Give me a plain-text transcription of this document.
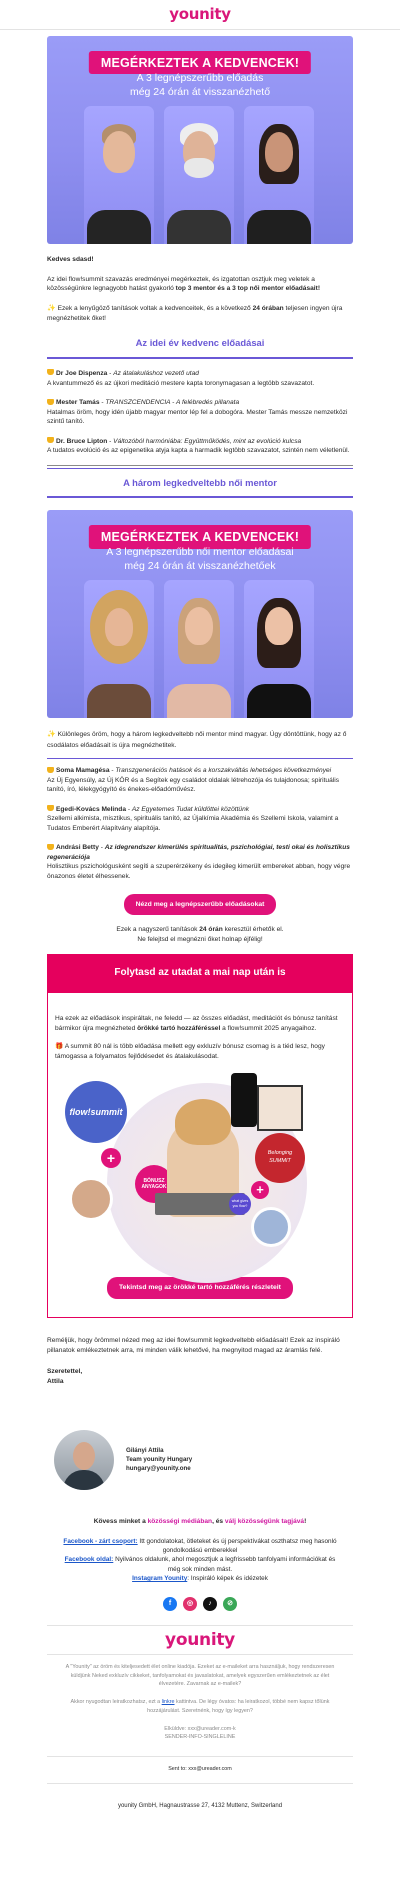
younity
MEGÉRKEZTEK A KEDVENCEK!
A 3 legnépszerűbb előadás
még 24 órán át visszanézhető
Kedves sdasd!
Az idei flow!summit szavazás eredményei megérkeztek, és izgatottan osztjuk meg veletek a közösségünkre legnagyobb hatást gyakorló top 3 mentor és a 3 top női mentor előadásait!
✨ Ezek a lenyűgöző tanítások voltak a kedvenceitek, és a következő 24 órában teljesen ingyen újra megnézhetitek őket!
Az idei év kedvenc előadásai
Dr Joe Dispenza - Az átalakuláshoz vezető utad
A kvantummező és az újkori meditáció mestere kapta toronymagasan a legtöbb szavazatot.
Mester Tamás - TRANSZCENDENCIA - A felébredés pillanata
Hatalmas öröm, hogy idén újabb magyar mentor lép fel a dobogóra. Mester Tamás messze nemzetközi szintű tanító.
Dr. Bruce Lipton - Változóból harmóniába: Együttműködés, mint az evolúció kulcsa
A tudatos evolúció és az epigenetika atyja kapta a harmadik legtöbb szavazatot, szintén nem véletlenül.
A három legkedveltebb női mentor
MEGÉRKEZTEK A KEDVENCEK!
A 3 legnépszerűbb női mentor előadásai
még 24 órán át visszanézhetőek
✨ Különleges öröm, hogy a három legkedveltebb női mentor mind magyar. Úgy döntöttünk, hogy az ő csodálatos előadásait is újra megnézhetitek.
Soma Mamagésa - Transzgenerációs hatások és a korszakváltás lehetséges következményei
Az Új Egyensúly, az Új KÖR és a Segítek egy családot oldalak létrehozója és tulajdonosa; spirituális tanító, író, lélekgyógyító és énekes-előadóművész.
Egedi-Kovács Melinda - Az Egyetemes Tudat küldöttei közöttünk
Szellemi alkimista, misztikus, spirituális tanító, az Újalkímia Akadémia és Szellemi Iskola, valamint a Tudatos Emberért Alapítvány alapítója.
Andrási Betty - Az idegrendszer kimerülés spiritualitás, pszichológiai, testi okai és holisztikus regenerációja
Holisztikus pszichológusként segíti a szuperérzékeny és idegileg kimerült embereket abban, hogy végre önazonos életet élhessenek.
Nézd meg a legnépszerűbb előadásokat
Ezek a nagyszerű tanítások 24 órán keresztül érhetők el.
Ne felejtsd el megnézni őket holnap éjfélig!
Folytasd az utadat a mai nap után is
Ha ezek az előadások inspiráltak, ne feledd — az összes előadást, meditációt és bónusz tanítást bármikor újra megnézheted örökké tartó hozzáféréssel a flow!summit 2025 anyagaihoz.
🎁 A summit 80 nál is több előadása mellett egy exkluzív bónusz csomag is a tiéd lesz, hogy támogassa a folyamatos fejlődésedet és átalakulásodat.
flow!summit
+
BÓNUSZ ANYAGOK
Belonging SUMMIT
+
what gives you flow?
Tekintsd meg az örökké tartó hozzáférés részleteit
Reméljük, hogy örömmel nézed meg az idei flow!summit legkedveltebb előadásait! Ezek az inspiráló pillanatok emlékeztetnek arra, mi minden válik lehetővé, ha megnyitod magad az áramlás felé.
Szeretettel,
Attila
Gilányi Attila
Team younity Hungary
hungary@younity.one
Kövess minket a közösségi médiában, és válj közösségünk tagjává!
Facebook - zárt csoport: Itt gondolatokat, ötleteket és új perspektívákat oszthatsz meg hasonló gondolkodású emberekkel
Facebook oldal: Nyilvános oldalunk, ahol megosztjuk a legfrissebb tanfolyami információkat és még sok minden mást.
Instagram Younity: Inspiráló képek és idézetek
f	◎	♪	⊘
younity
A "Younity" az öröm és kiteljesedett élet online kiadója. Ezeket az e-maileket arra használjuk, hogy rendszeresen küldjünk Neked exkluzív cikkeket, tanfolyamokat és javaslatokat, amelyek egyszerűen emlékeztetnek az élet élvezetére. Zavarnak az e-mailek?
Akkor nyugodtan leiratkozhatsz, ezt a linkre kattintva. De légy óvatos: ha leiratkozol, többé nem kapsz tőlünk hozzájárulást. Szeretnénk, hogy így legyen?
Elküldve: xxx@ureader.com-k
SENDER-INFO-SINGLELINE
Sent to: xxx@ureader.com
younity GmbH, Hagnaustrasse 27, 4132 Muttenz, Switzerland
